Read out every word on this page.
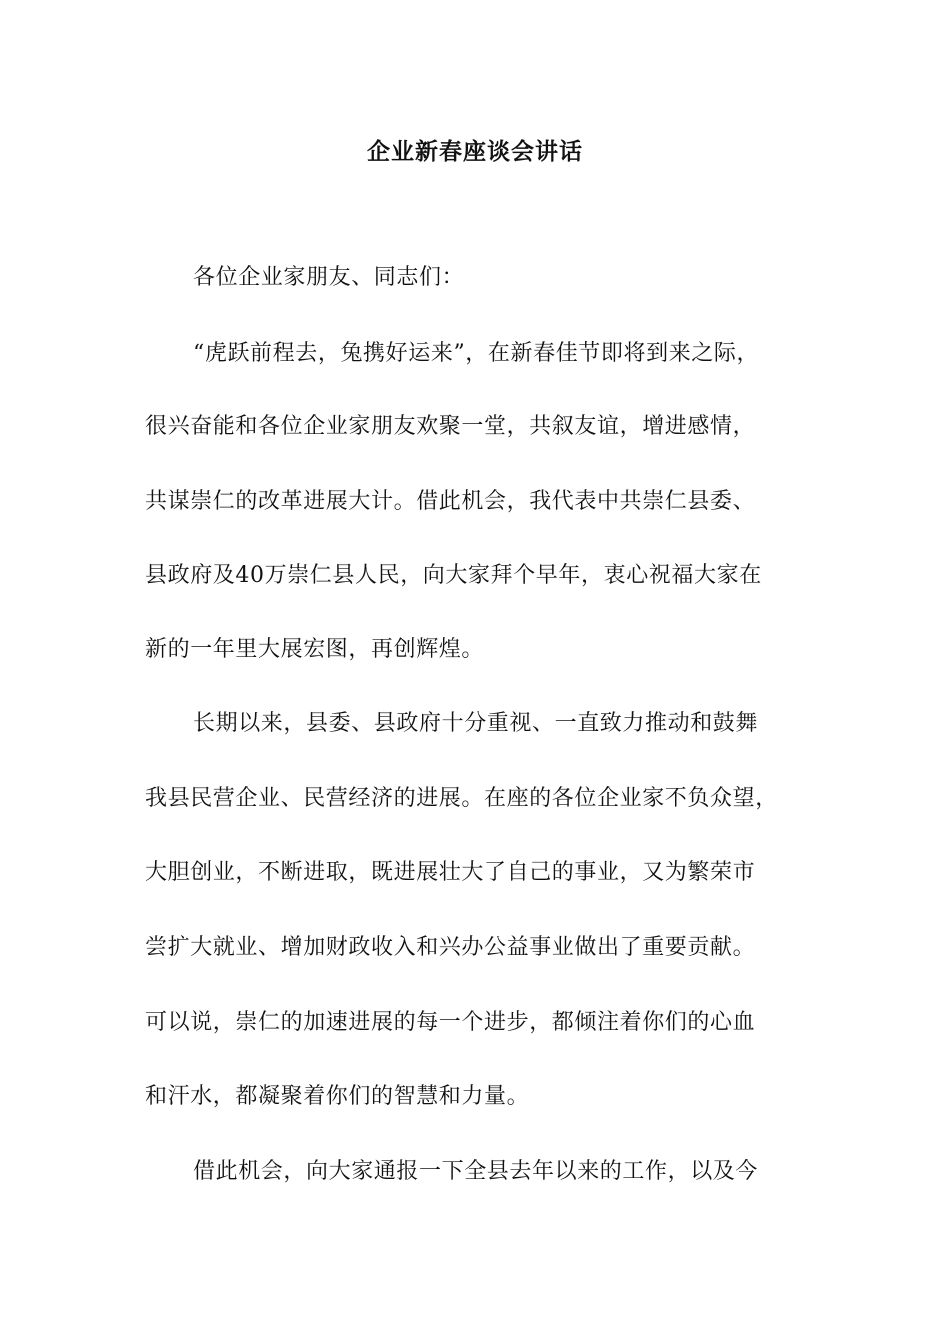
企业新春座谈会讲话
各位企业家朋友、同志们：
“虎跃前程去，兔携好运来”，在新春佳节即将到来之际，
很兴奋能和各位企业家朋友欢聚一堂，共叙友谊，增进感情，
共谋崇仁的改革进展大计。借此机会，我代表中共崇仁县委、
县政府及40万崇仁县人民，向大家拜个早年，衷心祝福大家在
新的一年里大展宏图，再创辉煌。
长期以来，县委、县政府十分重视、一直致力推动和鼓舞
我县民营企业、民营经济的进展。在座的各位企业家不负众望，
大胆创业，不断进取，既进展壮大了自己的事业，又为繁荣市
尝扩大就业、增加财政收入和兴办公益事业做出了重要贡献。
可以说，崇仁的加速进展的每一个进步，都倾注着你们的心血
和汗水，都凝聚着你们的智慧和力量。
借此机会，向大家通报一下全县去年以来的工作，以及今
